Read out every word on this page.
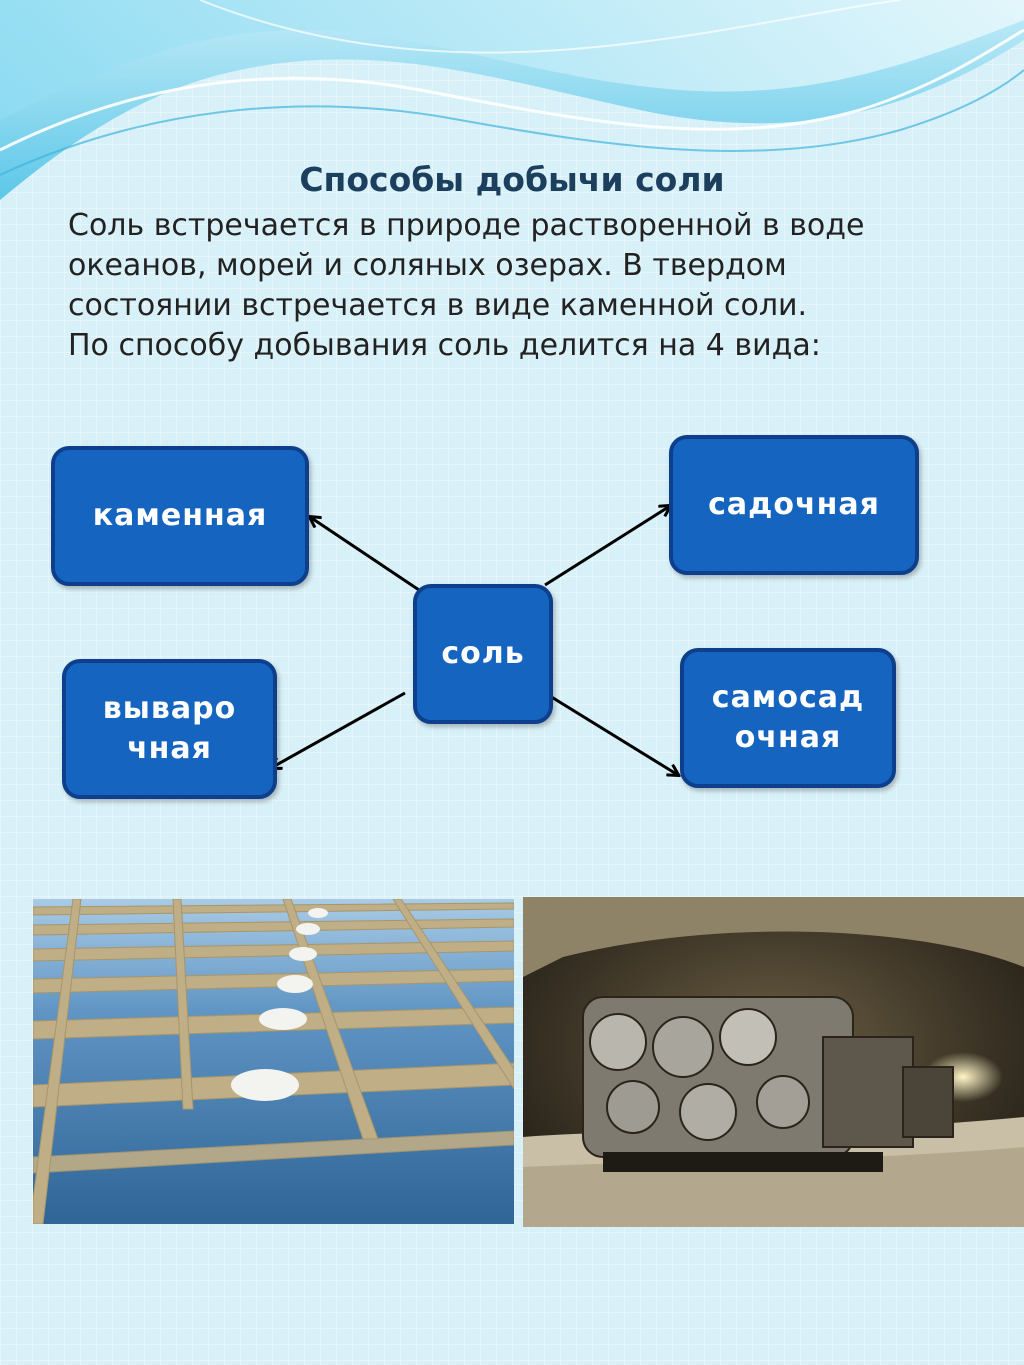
Способы добычи соли
Соль встречается в природе растворенной в воде
океанов, морей и соляных озерах. В твердом
состоянии встречается в виде каменной соли.
По способу добывания соль делится на 4 вида:
каменная	садочная
соль
выварo
чная
самосад
очная
